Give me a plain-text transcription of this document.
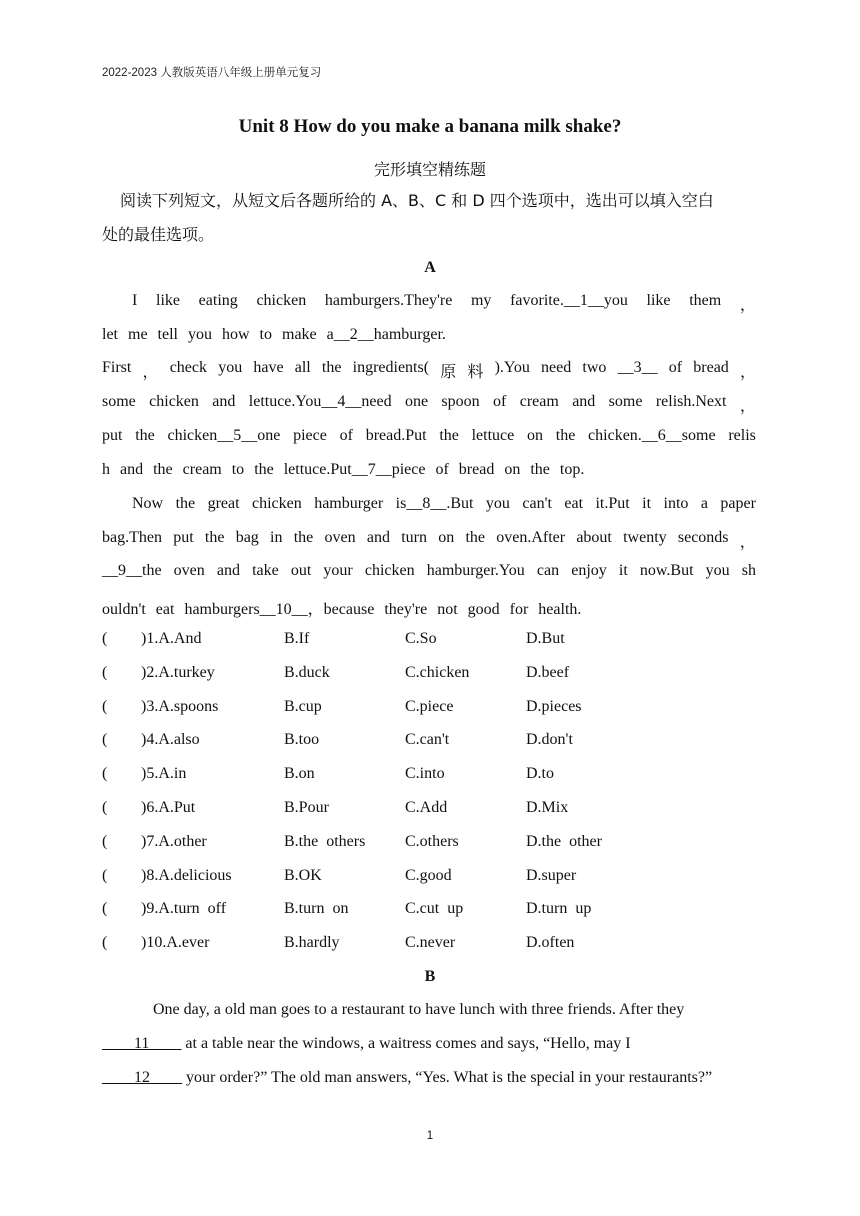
2022-2023 人教版英语八年级上册单元复习
Unit 8 How do you make a banana milk shake?
完形填空精练题
阅读下列短文，从短文后各题所给的 A、B、C 和 D 四个选项中，选出可以填入空白
处的最佳选项。
A
I like eating chicken hamburgers.They're my favorite.__1__you like them ，
let me tell you how to make a__2__hamburger.
First ， check you have all the ingredients( 原 料 ).You need two __3__ of bread ，
some chicken and lettuce.You__4__need one spoon of cream and some relish.Next ，
put the chicken__5__one piece of bread.Put the lettuce on the chicken.__6__some relis
h and the cream to the lettuce.Put__7__piece of bread on the top.
Now the great chicken hamburger is__8__.But you can't eat it.Put it into a paper
bag.Then put the bag in the oven and turn on the oven.After about twenty seconds ，
__9__the oven and take out your chicken hamburger.You can enjoy it now.But you sh
ouldn't eat hamburgers__10__，because they're not good for health.
( )1.A.And	B.If	C.So	D.But
( )2.A.turkey	B.duck	C.chicken	D.beef
( )3.A.spoons	B.cup	C.piece	D.pieces
( )4.A.also	B.too	C.can't	D.don't
( )5.A.in	B.on	C.into	D.to
( )6.A.Put	B.Pour	C.Add	D.Mix
( )7.A.other	B.the others C.others	D.the other
( )8.A.delicious	B.OK	C.good	D.super
( )9.A.turn off	B.turn on	C.cut up	D.turn up
( )10.A.ever	B.hardly	C.never	D.often
B
One day, a old man goes to a restaurant to have lunch with three friends. After they
____11____ at a table near the windows, a waitress comes and says, “Hello, may I
____12____ your order?” The old man answers, “Yes. What is the special in your restaurants?”
1
